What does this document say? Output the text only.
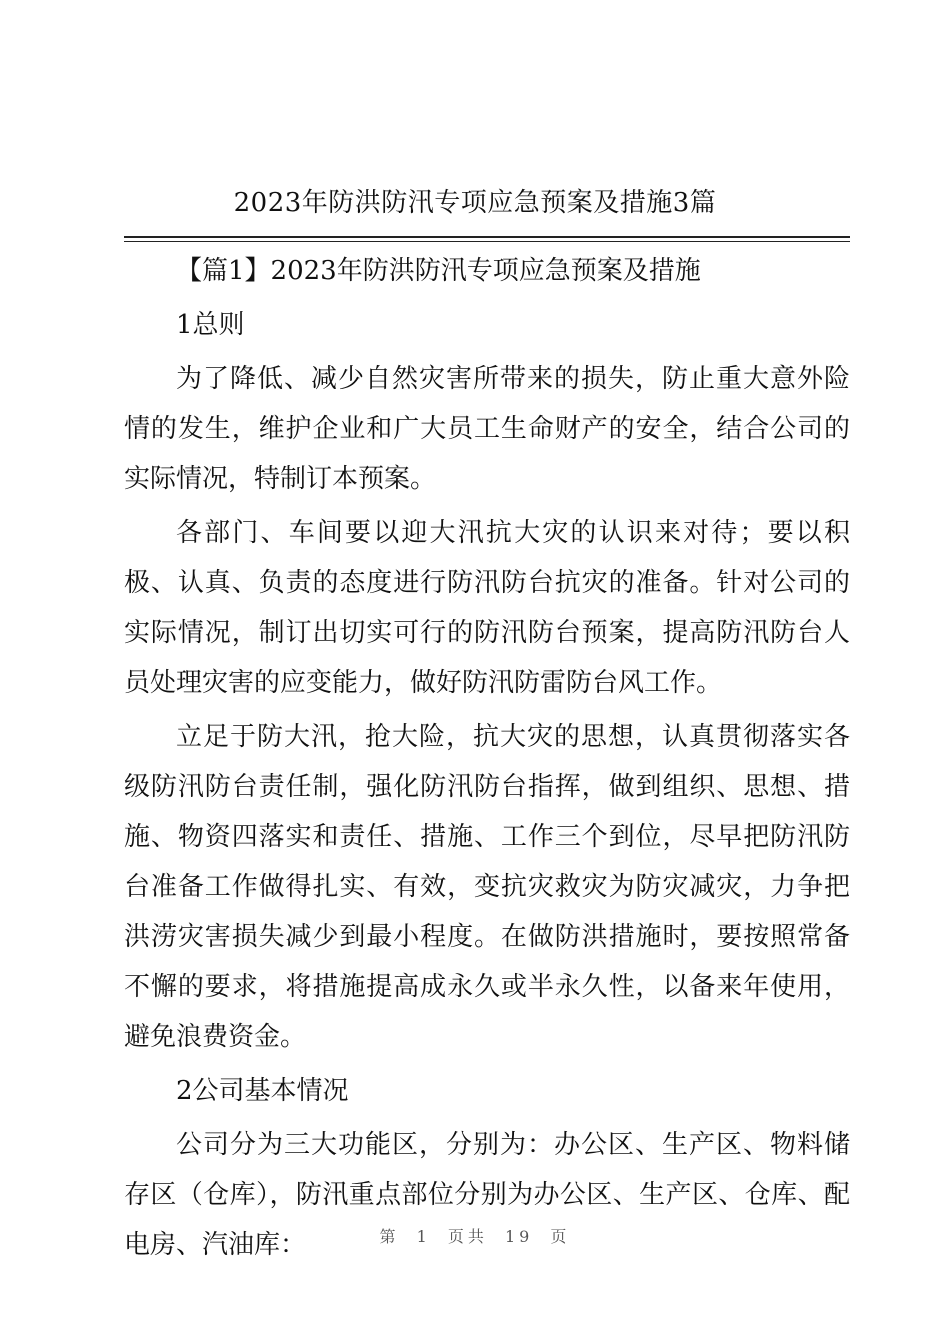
2023年防洪防汛专项应急预案及措施3篇

【篇1】2023年防洪防汛专项应急预案及措施

1总则

为了降低、减少自然灾害所带来的损失，防止重大意外险情的发生，维护企业和广大员工生命财产的安全，结合公司的实际情况，特制订本预案。

各部门、车间要以迎大汛抗大灾的认识来对待；要以积极、认真、负责的态度进行防汛防台抗灾的准备。针对公司的实际情况，制订出切实可行的防汛防台预案，提高防汛防台人员处理灾害的应变能力，做好防汛防雷防台风工作。

立足于防大汛，抢大险，抗大灾的思想，认真贯彻落实各级防汛防台责任制，强化防汛防台指挥，做到组织、思想、措施、物资四落实和责任、措施、工作三个到位，尽早把防汛防台准备工作做得扎实、有效，变抗灾救灾为防灾减灾，力争把洪涝灾害损失减少到最小程度。在做防洪措施时，要按照常备不懈的要求，将措施提高成永久或半永久性，以备来年使用，避免浪费资金。

2公司基本情况

公司分为三大功能区，分别为：办公区、生产区、物料储存区（仓库），防汛重点部位分别为办公区、生产区、仓库、配电房、汽油库：	第 1 页共 19 页
